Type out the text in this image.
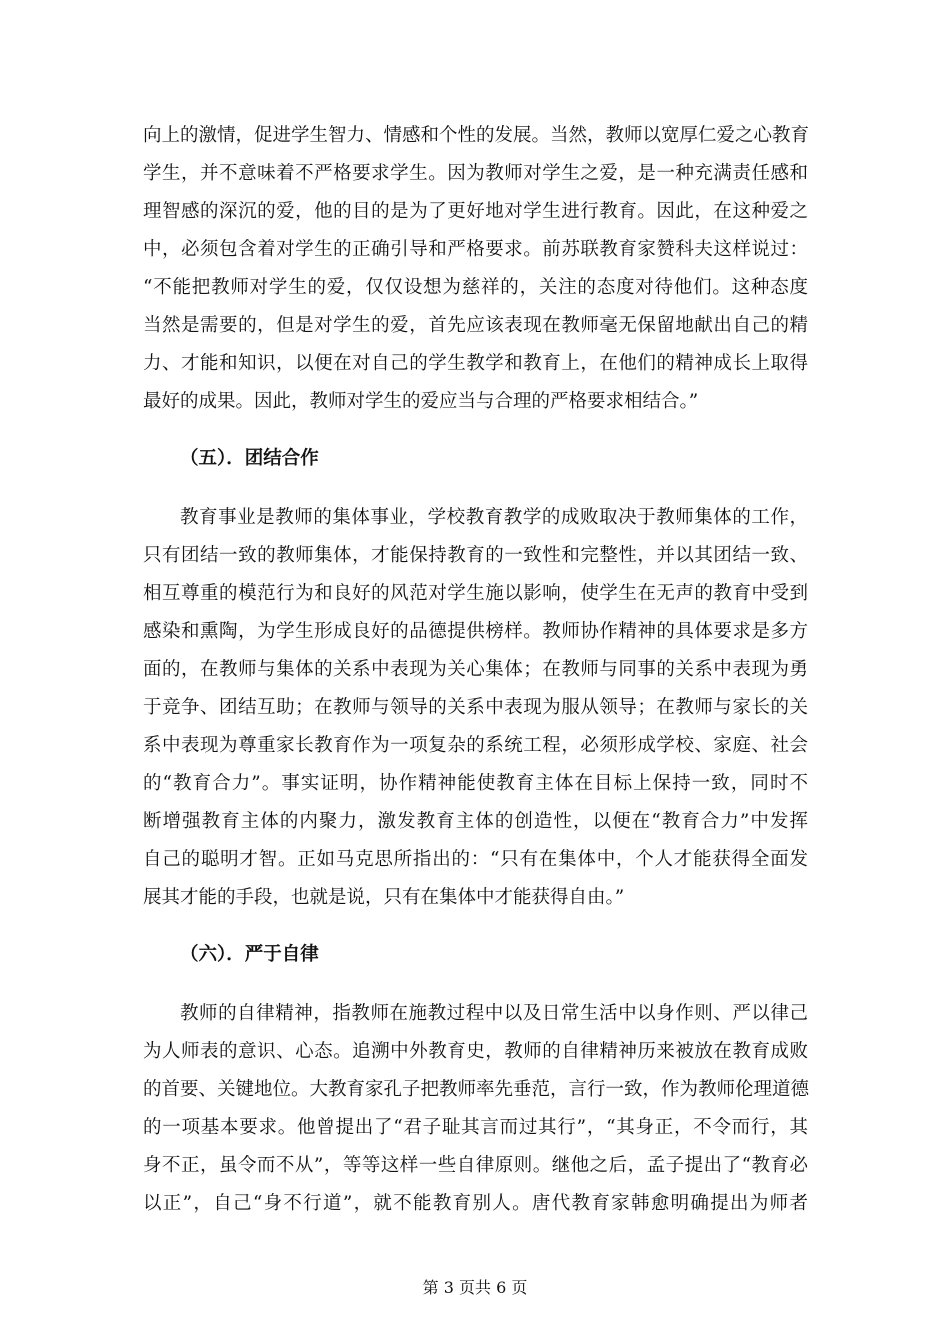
向上的激情，促进学生智力、情感和个性的发展。当然，教师以宽厚仁爱之心教育
学生，并不意味着不严格要求学生。因为教师对学生之爱，是一种充满责任感和
理智感的深沉的爱，他的目的是为了更好地对学生进行教育。因此，在这种爱之
中，必须包含着对学生的正确引导和严格要求。前苏联教育家赞科夫这样说过：
“不能把教师对学生的爱，仅仅设想为慈祥的，关注的态度对待他们。这种态度
当然是需要的，但是对学生的爱，首先应该表现在教师毫无保留地献出自己的精
力、才能和知识，以便在对自己的学生教学和教育上，在他们的精神成长上取得
最好的成果。因此，教师对学生的爱应当与合理的严格要求相结合。”
（五）．团结合作
教育事业是教师的集体事业，学校教育教学的成败取决于教师集体的工作，
只有团结一致的教师集体，才能保持教育的一致性和完整性，并以其团结一致、
相互尊重的模范行为和良好的风范对学生施以影响，使学生在无声的教育中受到
感染和熏陶，为学生形成良好的品德提供榜样。教师协作精神的具体要求是多方
面的，在教师与集体的关系中表现为关心集体；在教师与同事的关系中表现为勇
于竞争、团结互助；在教师与领导的关系中表现为服从领导；在教师与家长的关
系中表现为尊重家长教育作为一项复杂的系统工程，必须形成学校、家庭、社会
的“教育合力”。事实证明，协作精神能使教育主体在目标上保持一致，同时不
断增强教育主体的内聚力，激发教育主体的创造性，以便在“教育合力”中发挥
自己的聪明才智。正如马克思所指出的：“只有在集体中，个人才能获得全面发
展其才能的手段，也就是说，只有在集体中才能获得自由。”
（六）．严于自律
教师的自律精神，指教师在施教过程中以及日常生活中以身作则、严以律己
为人师表的意识、心态。追溯中外教育史，教师的自律精神历来被放在教育成败
的首要、关键地位。大教育家孔子把教师率先垂范，言行一致，作为教师伦理道德
的一项基本要求。他曾提出了“君子耻其言而过其行”，“其身正，不令而行，其
身不正，虽令而不从”，等等这样一些自律原则。继他之后，孟子提出了“教育必
以正”，自己“身不行道”，就不能教育别人。唐代教育家韩愈明确提出为师者
第 3 页共 6 页
